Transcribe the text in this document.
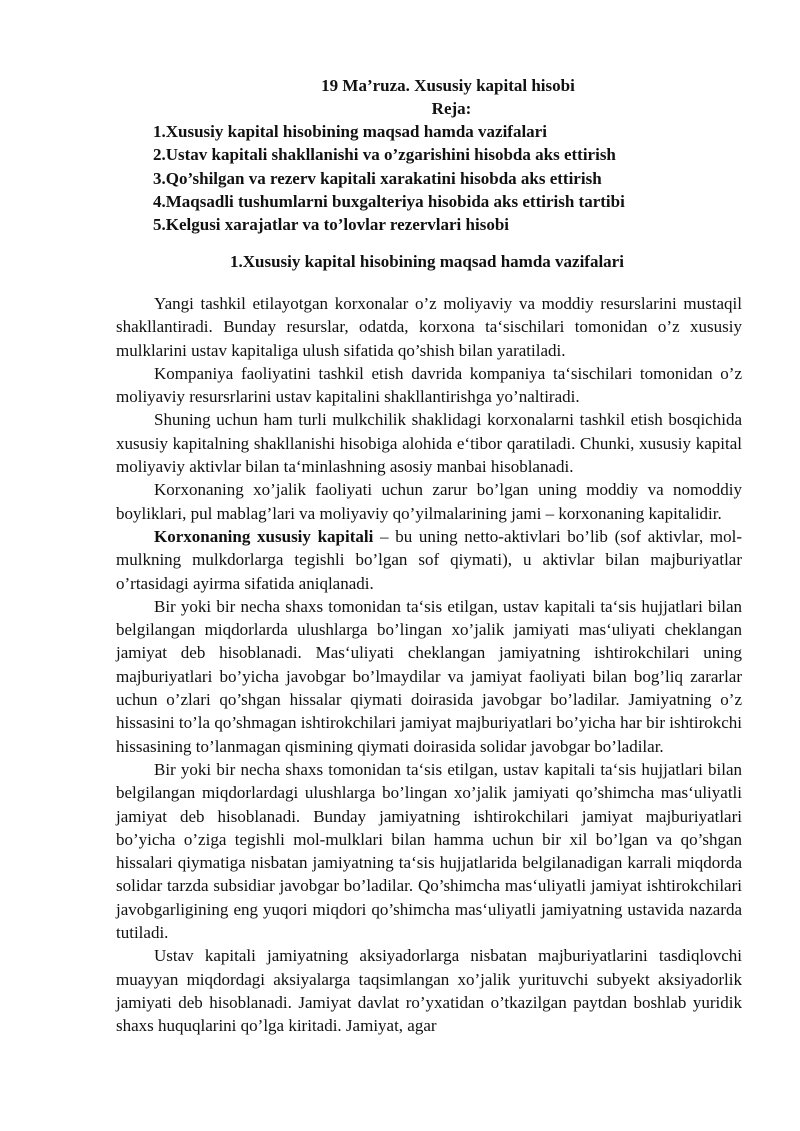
19 Ma’ruza. Xususiy kapital hisobi
Reja:
1.Xususiy kapital hisobining maqsad hamda vazifalari
2.Ustav kapitali shakllanishi va o’zgarishini hisobda aks ettirish
3.Qo’shilgan va rezerv kapitali xarakatini hisobda aks ettirish
4.Maqsadli tushumlarni buxgalteriya hisobida aks ettirish tartibi
5.Kelgusi xarajatlar va to’lovlar rezervlari hisobi
1.Xususiy kapital hisobining maqsad hamda vazifalari

Yangi tashkil etilayotgan korxonalar o’z moliyaviy va moddiy resurslarini mustaqil shakllantiradi. Bunday resurslar, odatda, korxona ta‘sischilari tomonidan o’z xususiy mulklarini ustav kapitaliga ulush sifatida qo’shish bilan yaratiladi.

Kompaniya faoliyatini tashkil etish davrida kompaniya ta‘sischilari tomonidan o’z moliyaviy resursrlarini ustav kapitalini shakllantirishga yo’naltiradi.

Shuning uchun ham turli mulkchilik shaklidagi korxonalarni tashkil etish bosqichida xususiy kapitalning shakllanishi hisobiga alohida e‘tibor qaratiladi. Chunki, xususiy kapital moliyaviy aktivlar bilan ta‘minlashning asosiy manbai hisoblanadi.

Korxonaning xo’jalik faoliyati uchun zarur bo’lgan uning moddiy va nomoddiy boyliklari, pul mablag’lari va moliyaviy qo’yilmalarining jami – korxonaning kapitalidir.

Korxonaning xususiy kapitali – bu uning netto-aktivlari bo’lib (sof aktivlar, mol-mulkning mulkdorlarga tegishli bo’lgan sof qiymati), u aktivlar bilan majburiyatlar o’rtasidagi ayirma sifatida aniqlanadi.

Bir yoki bir necha shaxs tomonidan ta‘sis etilgan, ustav kapitali ta‘sis hujjatlari bilan belgilangan miqdorlarda ulushlarga bo’lingan xo’jalik jamiyati mas‘uliyati cheklangan jamiyat deb hisoblanadi. Mas‘uliyati cheklangan jamiyatning ishtirokchilari uning majburiyatlari bo’yicha javobgar bo’lmaydilar va jamiyat faoliyati bilan bog’liq zararlar uchun o’zlari qo’shgan hissalar qiymati doirasida javobgar bo’ladilar. Jamiyatning o’z hissasini to’la qo’shmagan ishtirokchilari jamiyat majburiyatlari bo’yicha har bir ishtirokchi hissasining to’lanmagan qismining qiymati doirasida solidar javobgar bo’ladilar.

Bir yoki bir necha shaxs tomonidan ta‘sis etilgan, ustav kapitali ta‘sis hujjatlari bilan belgilangan miqdorlardagi ulushlarga bo’lingan xo’jalik jamiyati qo’shimcha mas‘uliyatli jamiyat deb hisoblanadi. Bunday jamiyatning ishtirokchilari jamiyat majburiyatlari bo’yicha o’ziga tegishli mol-mulklari bilan hamma uchun bir xil bo’lgan va qo’shgan hissalari qiymatiga nisbatan jamiyatning ta‘sis hujjatlarida belgilanadigan karrali miqdorda solidar tarzda subsidiar javobgar bo’ladilar. Qo’shimcha mas‘uliyatli jamiyat ishtirokchilari javobgarligining eng yuqori miqdori qo’shimcha mas‘uliyatli jamiyatning ustavida nazarda tutiladi.

Ustav kapitali jamiyatning aksiyadorlarga nisbatan majburiyatlarini tasdiqlovchi muayyan miqdordagi aksiyalarga taqsimlangan xo’jalik yurituvchi subyekt aksiyadorlik jamiyati deb hisoblanadi. Jamiyat davlat ro’yxatidan o’tkazilgan paytdan boshlab yuridik shaxs huquqlarini qo’lga kiritadi. Jamiyat, agar
